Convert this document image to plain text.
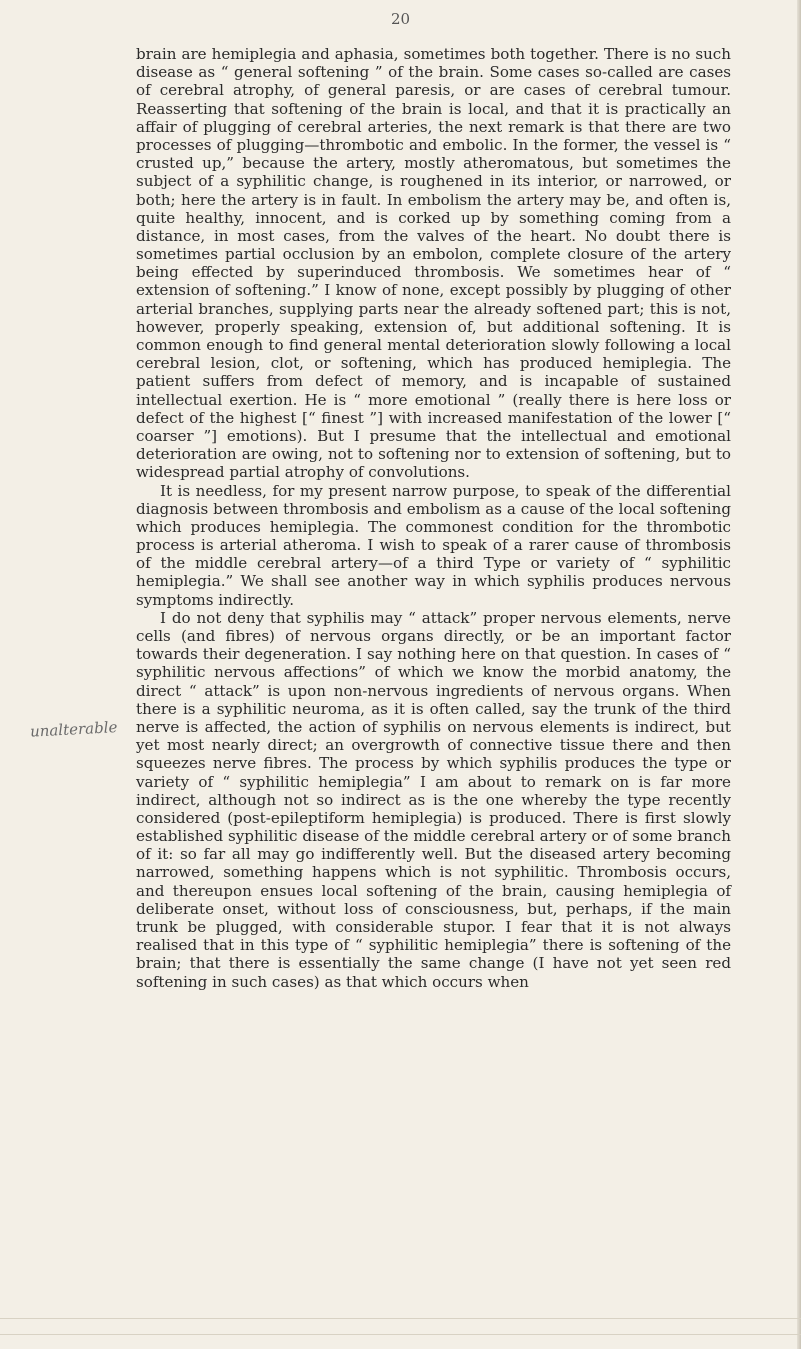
20
unalterable

brain are hemiplegia and aphasia, sometimes both together. There is no such disease as “ general softening ” of the brain. Some cases so-called are cases of cerebral atrophy, of general paresis, or are cases of cerebral tumour. Reasserting that softening of the brain is local, and that it is practically an affair of plugging of cerebral arteries, the next remark is that there are two processes of plugging—thrombotic and embolic. In the former, the vessel is “ crusted up,” because the artery, mostly atheromatous, but sometimes the subject of a syphilitic change, is roughened in its interior, or narrowed, or both; here the artery is in fault. In embolism the artery may be, and often is, quite healthy, innocent, and is corked up by something coming from a distance, in most cases, from the valves of the heart. No doubt there is sometimes partial occlusion by an embolon, complete closure of the artery being effected by superinduced thrombosis. We sometimes hear of “ extension of softening.” I know of none, except possibly by plugging of other arterial branches, supplying parts near the already softened part; this is not, however, properly speaking, extension of, but additional softening. It is common enough to find general mental deterioration slowly following a local cerebral lesion, clot, or softening, which has produced hemiplegia. The patient suffers from defect of memory, and is incapable of sustained intellectual exertion. He is “ more emotional ” (really there is here loss or defect of the highest [“ finest ”] with increased manifestation of the lower [“ coarser ”] emotions). But I presume that the intellectual and emotional deterioration are owing, not to softening nor to extension of softening, but to widespread partial atrophy of convolutions.

It is needless, for my present narrow purpose, to speak of the differential diagnosis between thrombosis and embolism as a cause of the local softening which produces hemiplegia. The commonest condition for the thrombotic process is arterial atheroma. I wish to speak of a rarer cause of thrombosis of the middle cerebral artery—of a third Type or variety of “ syphilitic hemiplegia.” We shall see another way in which syphilis produces nervous symptoms indirectly.

I do not deny that syphilis may “ attack” proper nervous elements, nerve cells (and fibres) of nervous organs directly, or be an important factor towards their degeneration. I say nothing here on that question. In cases of “ syphilitic nervous affections” of which we know the morbid anatomy, the direct “ attack” is upon non-nervous ingredients of nervous organs. When there is a syphilitic neuroma, as it is often called, say the trunk of the third nerve is affected, the action of syphilis on nervous elements is indirect, but yet most nearly direct; an overgrowth of connective tissue there and then squeezes nerve fibres. The process by which syphilis produces the type or variety of “ syphilitic hemiplegia” I am about to remark on is far more indirect, although not so indirect as is the one whereby the type recently considered (post-epileptiform hemiplegia) is produced. There is first slowly established syphilitic disease of the middle cerebral artery or of some branch of it: so far all may go indifferently well. But the diseased artery becoming narrowed, something happens which is not syphilitic. Thrombosis occurs, and thereupon ensues local softening of the brain, causing hemiplegia of deliberate onset, without loss of consciousness, but, perhaps, if the main trunk be plugged, with considerable stupor. I fear that it is not always realised that in this type of “ syphilitic hemiplegia” there is softening of the brain; that there is essentially the same change (I have not yet seen red softening in such cases) as that which occurs when
